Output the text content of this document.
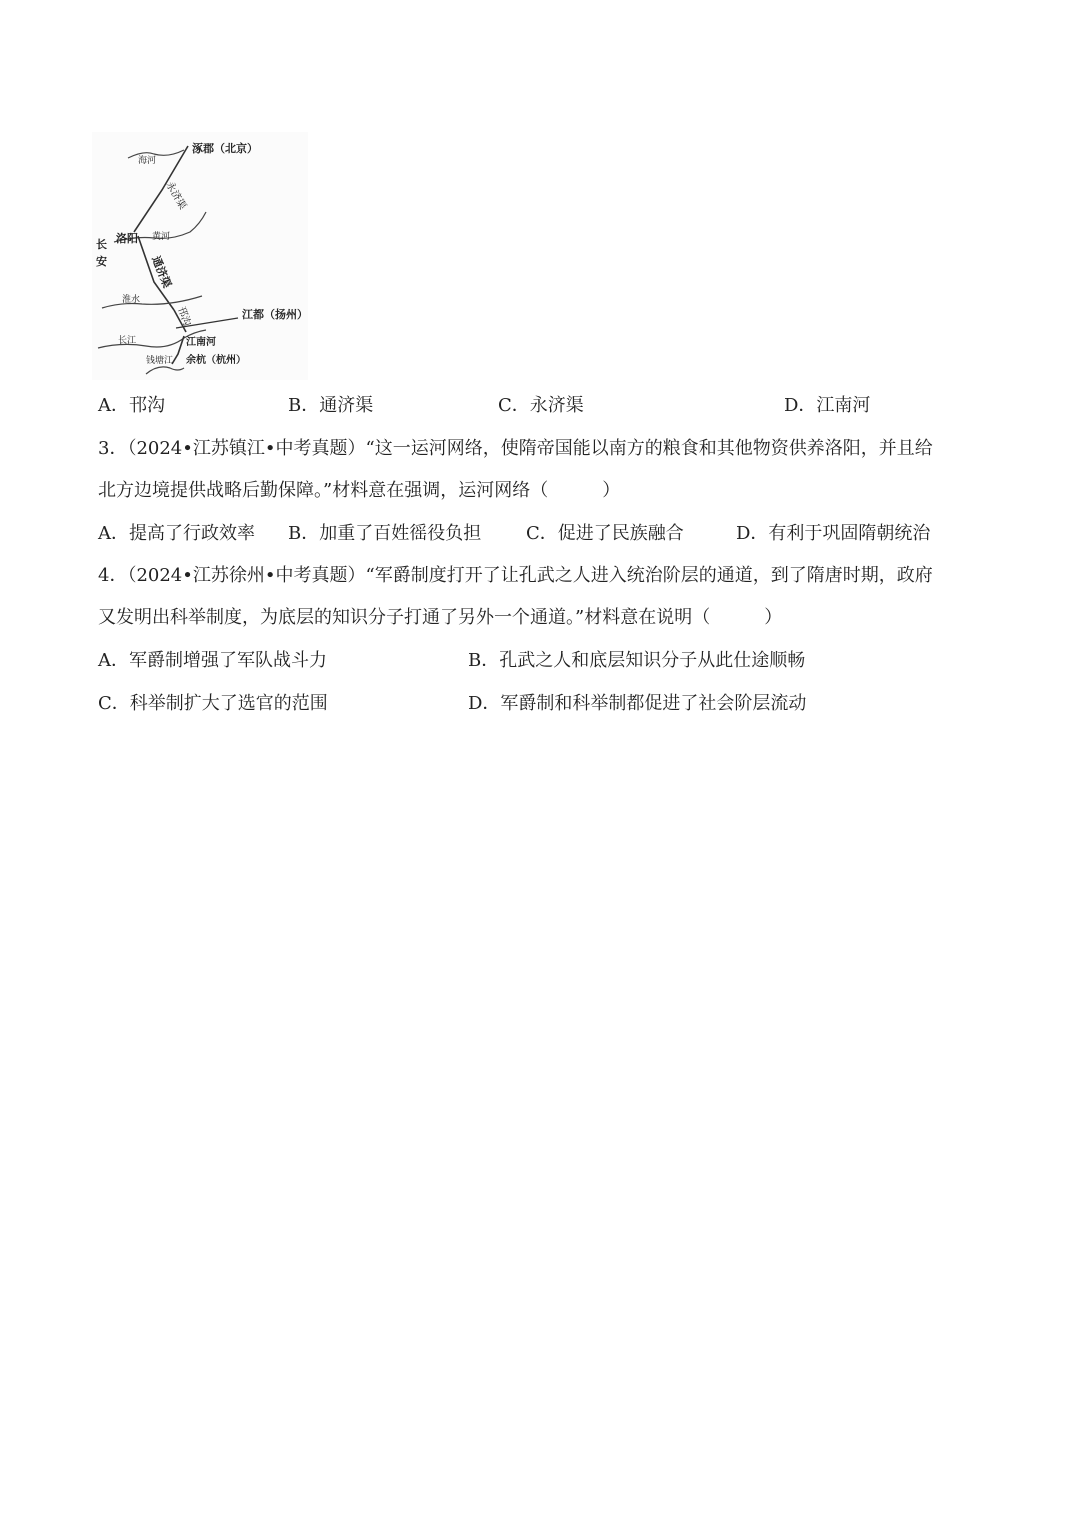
涿郡（北京）
海河
永济渠
洛阳 黄河
长
安	通济渠
淮水
邗沟	江都（扬州）
长江	江南河
钱塘江 余杭（杭州）
A．邗沟	B．通济渠	C．永济渠	D．江南河
3．（2024•江苏镇江•中考真题）“这一运河网络，使隋帝国能以南方的粮食和其他物资供养洛阳，并且给
北方边境提供战略后勤保障。”材料意在强调，运河网络（　　　）
A．提高了行政效率 B．加重了百姓徭役负担 C．促进了民族融合	D．有利于巩固隋朝统治
4．（2024•江苏徐州•中考真题）“军爵制度打开了让孔武之人进入统治阶层的通道，到了隋唐时期，政府
又发明出科举制度，为底层的知识分子打通了另外一个通道。”材料意在说明（　　　）
A．军爵制增强了军队战斗力	B．孔武之人和底层知识分子从此仕途顺畅
C．科举制扩大了选官的范围	D．军爵制和科举制都促进了社会阶层流动
